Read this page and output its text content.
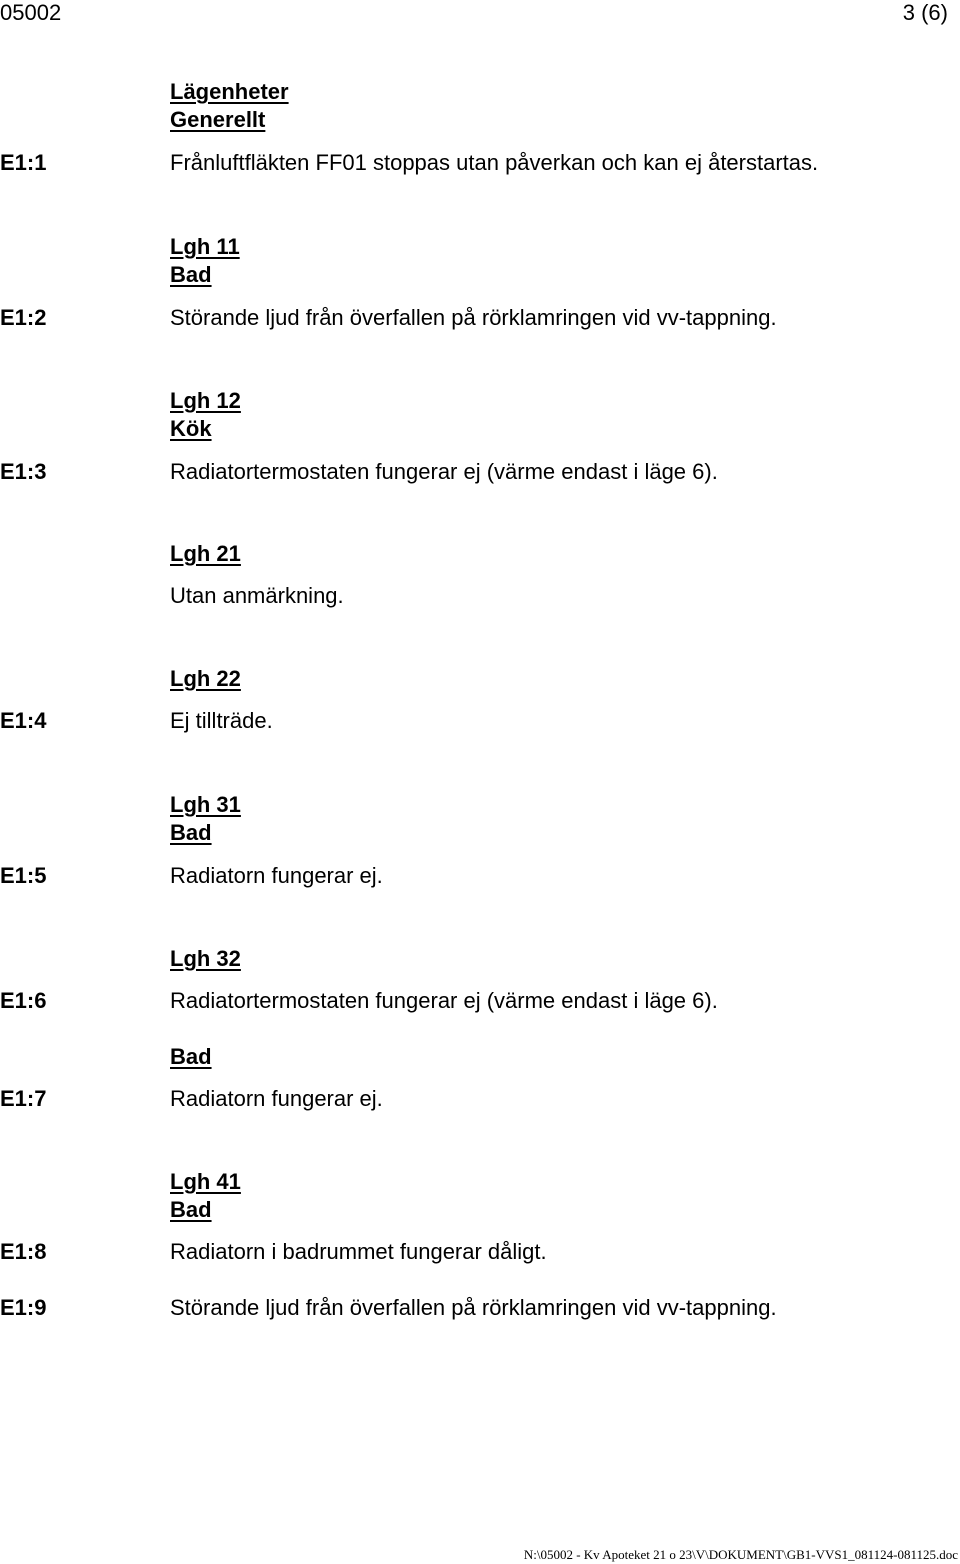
05002	3 (6)
Lägenheter
Generellt
E1:1	Frånluftfläkten FF01 stoppas utan påverkan och kan ej återstartas.
Lgh 11
Bad
E1:2	Störande ljud från överfallen på rörklamringen vid vv-tappning.
Lgh 12
Kök
E1:3	Radiatortermostaten fungerar ej (värme endast i läge 6).
Lgh 21
Utan anmärkning.
Lgh 22
E1:4	Ej tillträde.
Lgh 31
Bad
E1:5	Radiatorn fungerar ej.
Lgh 32
E1:6	Radiatortermostaten fungerar ej (värme endast i läge 6).
Bad
E1:7	Radiatorn fungerar ej.
Lgh 41
Bad
E1:8	Radiatorn i badrummet fungerar dåligt.
E1:9	Störande ljud från överfallen på rörklamringen vid vv-tappning.
N:\05002 - Kv Apoteket 21 o 23\V\DOKUMENT\GB1-VVS1_081124-081125.doc
